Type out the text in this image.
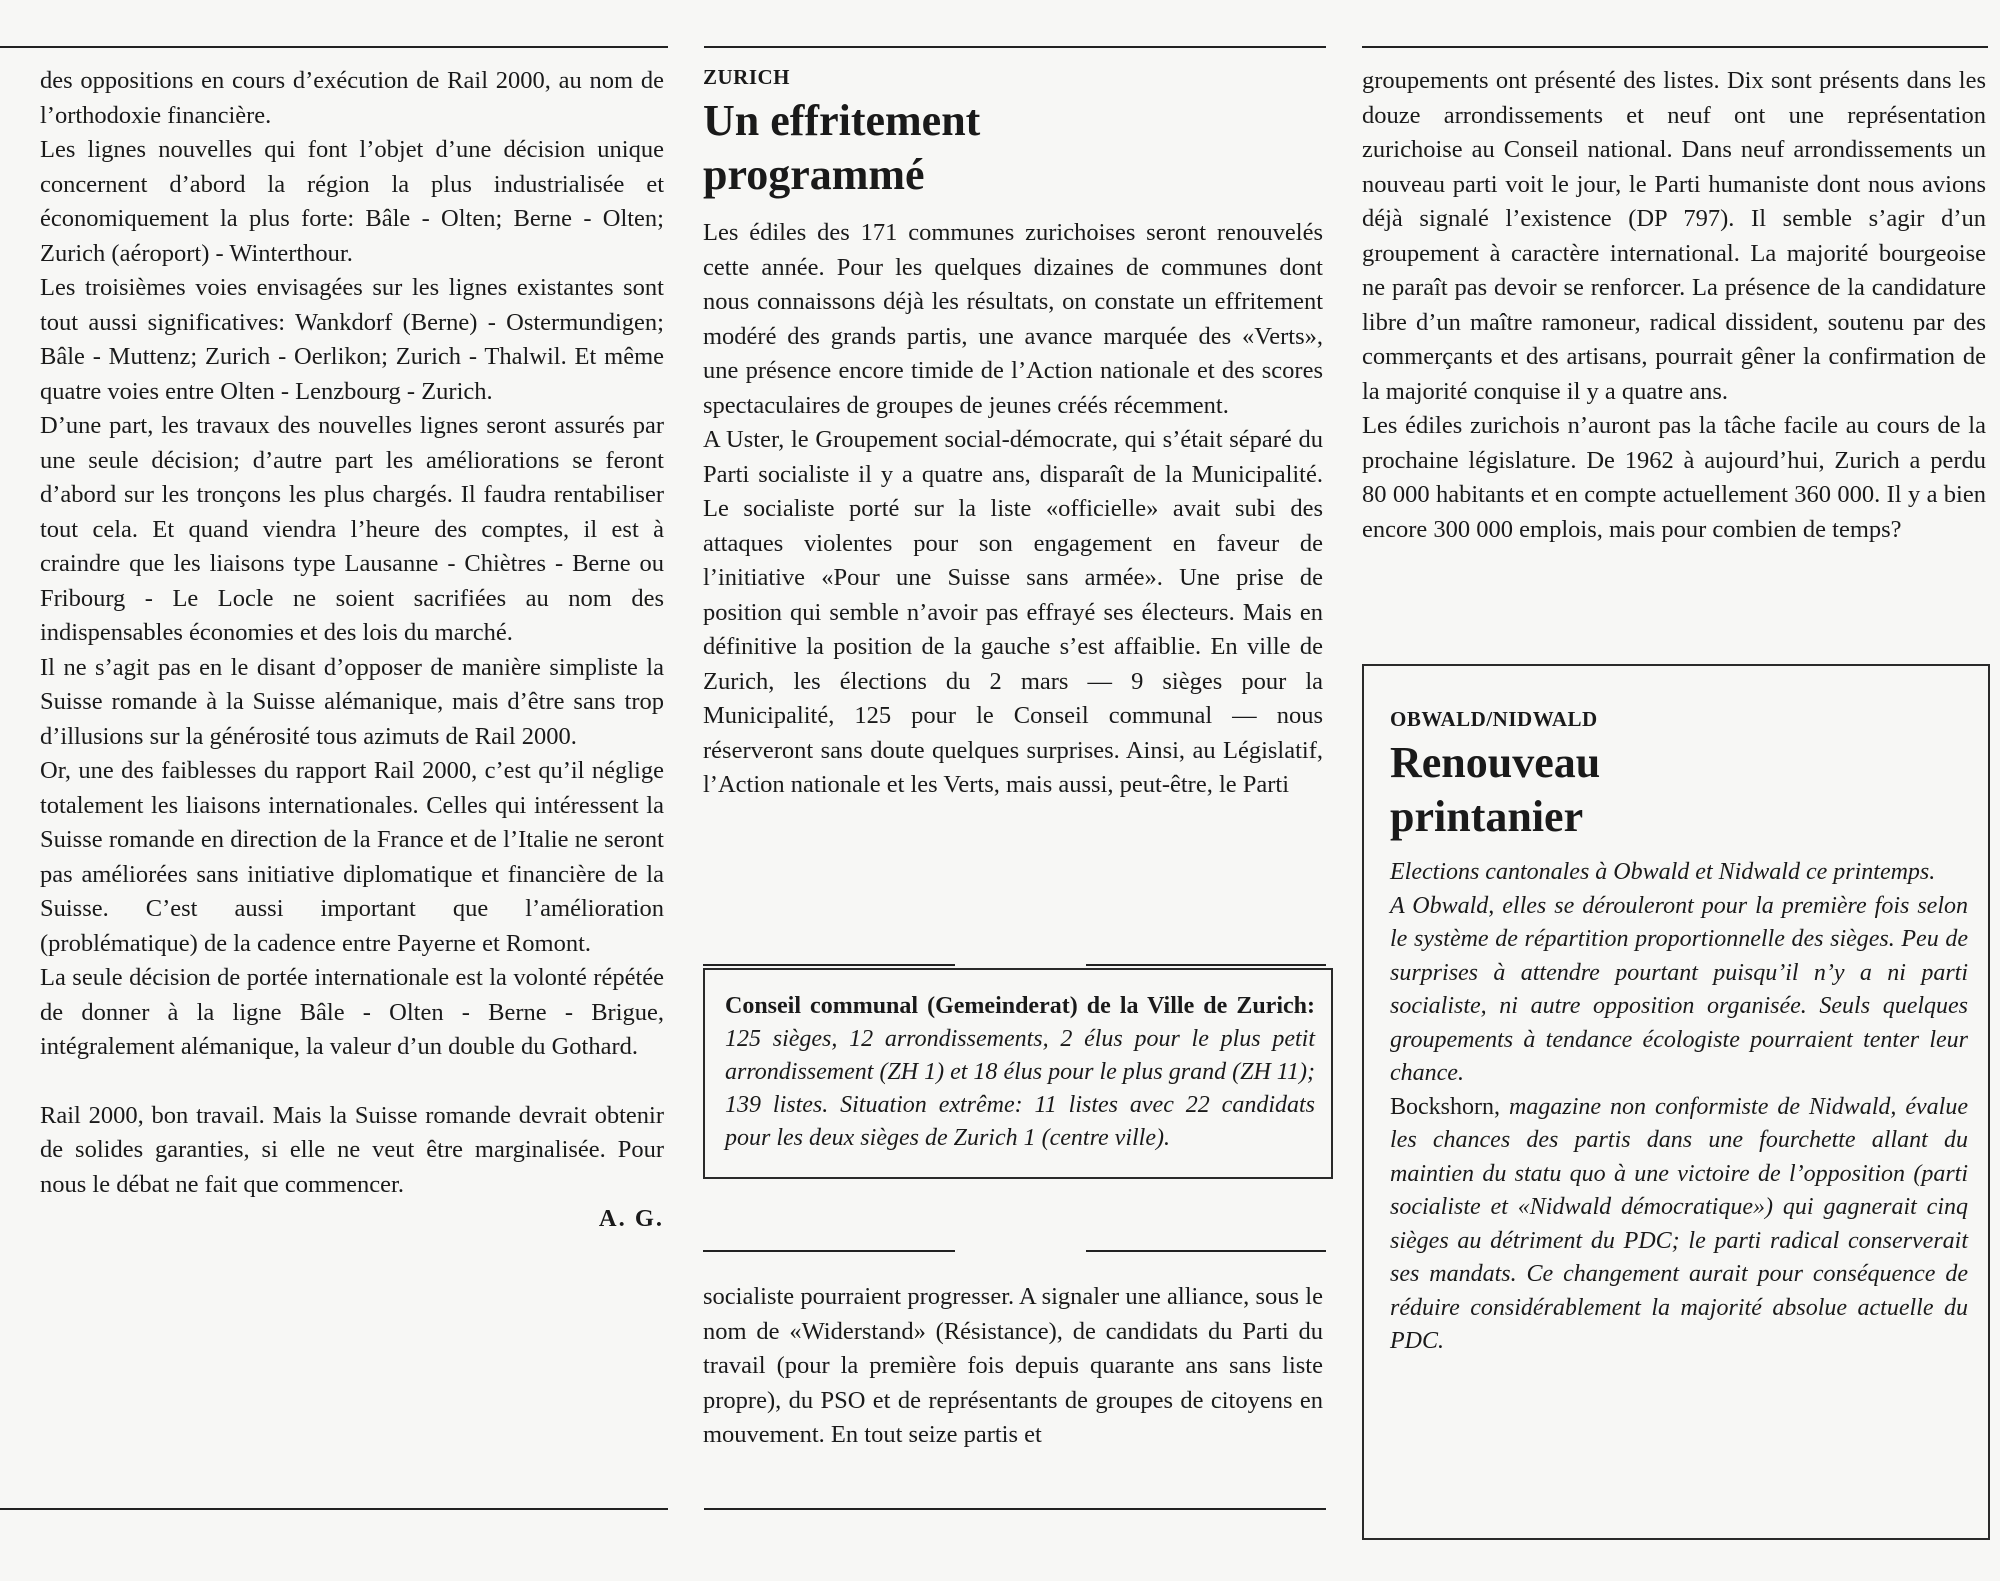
des oppositions en cours d’exécution de Rail 2000, au nom de l’orthodoxie financière.

Les lignes nouvelles qui font l’objet d’une décision unique concernent d’abord la région la plus industrialisée et économiquement la plus forte: Bâle - Olten; Berne - Olten; Zurich (aéroport) - Winterthour.

Les troisièmes voies envisagées sur les lignes existantes sont tout aussi significatives: Wankdorf (Berne) - Ostermundigen; Bâle - Muttenz; Zurich - Oerlikon; Zurich - Thalwil. Et même quatre voies entre Olten - Lenzbourg - Zurich.

D’une part, les travaux des nouvelles lignes seront assurés par une seule décision; d’autre part les améliorations se feront d’abord sur les tronçons les plus chargés. Il faudra rentabiliser tout cela. Et quand viendra l’heure des comptes, il est à craindre que les liaisons type Lausanne - Chiètres - Berne ou Fribourg - Le Locle ne soient sacrifiées au nom des indispensables économies et des lois du marché.

Il ne s’agit pas en le disant d’opposer de manière simpliste la Suisse romande à la Suisse alémanique, mais d’être sans trop d’illusions sur la générosité tous azimuts de Rail 2000.

Or, une des faiblesses du rapport Rail 2000, c’est qu’il néglige totalement les liaisons internationales. Celles qui intéressent la Suisse romande en direction de la France et de l’Italie ne seront pas améliorées sans initiative diplomatique et financière de la Suisse. C’est aussi important que l’amélioration (problématique) de la cadence entre Payerne et Romont.

La seule décision de portée internationale est la volonté répétée de donner à la ligne Bâle - Olten - Berne - Brigue, intégralement alémanique, la valeur d’un double du Gothard.

Rail 2000, bon travail. Mais la Suisse romande devrait obtenir de solides garanties, si elle ne veut être marginalisée. Pour nous le débat ne fait que commencer.

A. G.

ZURICH
Un effritement programmé

Les édiles des 171 communes zurichoises seront renouvelés cette année. Pour les quelques dizaines de communes dont nous connaissons déjà les résultats, on constate un effritement modéré des grands partis, une avance marquée des «Verts», une présence encore timide de l’Action nationale et des scores spectaculaires de groupes de jeunes créés récemment.

A Uster, le Groupement social-démocrate, qui s’était séparé du Parti socialiste il y a quatre ans, disparaît de la Municipalité. Le socialiste porté sur la liste «officielle» avait subi des attaques violentes pour son engagement en faveur de l’initiative «Pour une Suisse sans armée». Une prise de position qui semble n’avoir pas effrayé ses électeurs. Mais en définitive la position de la gauche s’est affaiblie. En ville de Zurich, les élections du 2 mars — 9 sièges pour la Municipalité, 125 pour le Conseil communal — nous réserveront sans doute quelques surprises. Ainsi, au Législatif, l’Action nationale et les Verts, mais aussi, peut-être, le Parti

Conseil communal (Gemeinderat) de la Ville de Zurich: 125 sièges, 12 arrondissements, 2 élus pour le plus petit arrondissement (ZH 1) et 18 élus pour le plus grand (ZH 11); 139 listes. Situation extrême: 11 listes avec 22 candidats pour les deux sièges de Zurich 1 (centre ville).

socialiste pourraient progresser. A signaler une alliance, sous le nom de «Widerstand» (Résistance), de candidats du Parti du travail (pour la première fois depuis quarante ans sans liste propre), du PSO et de représentants de groupes de citoyens en mouvement. En tout seize partis et

groupements ont présenté des listes. Dix sont présents dans les douze arrondissements et neuf ont une représentation zurichoise au Conseil national. Dans neuf arrondissements un nouveau parti voit le jour, le Parti humaniste dont nous avions déjà signalé l’existence (DP 797). Il semble s’agir d’un groupement à caractère international. La majorité bourgeoise ne paraît pas devoir se renforcer. La présence de la candidature libre d’un maître ramoneur, radical dissident, soutenu par des commerçants et des artisans, pourrait gêner la confirmation de la majorité conquise il y a quatre ans.

Les édiles zurichois n’auront pas la tâche facile au cours de la prochaine législature. De 1962 à aujourd’hui, Zurich a perdu 80 000 habitants et en compte actuellement 360 000. Il y a bien encore 300 000 emplois, mais pour combien de temps?

OBWALD/NIDWALD
Renouveau printanier

Elections cantonales à Obwald et Nidwald ce printemps.

A Obwald, elles se dérouleront pour la première fois selon le système de répartition proportionnelle des sièges. Peu de surprises à attendre pourtant puisqu’il n’y a ni parti socialiste, ni autre opposition organisée. Seuls quelques groupements à tendance écologiste pourraient tenter leur chance.

Bockshorn, magazine non conformiste de Nidwald, évalue les chances des partis dans une fourchette allant du maintien du statu quo à une victoire de l’opposition (parti socialiste et «Nidwald démocratique») qui gagnerait cinq sièges au détriment du PDC; le parti radical conserverait ses mandats. Ce changement aurait pour conséquence de réduire considérablement la majorité absolue actuelle du PDC.
